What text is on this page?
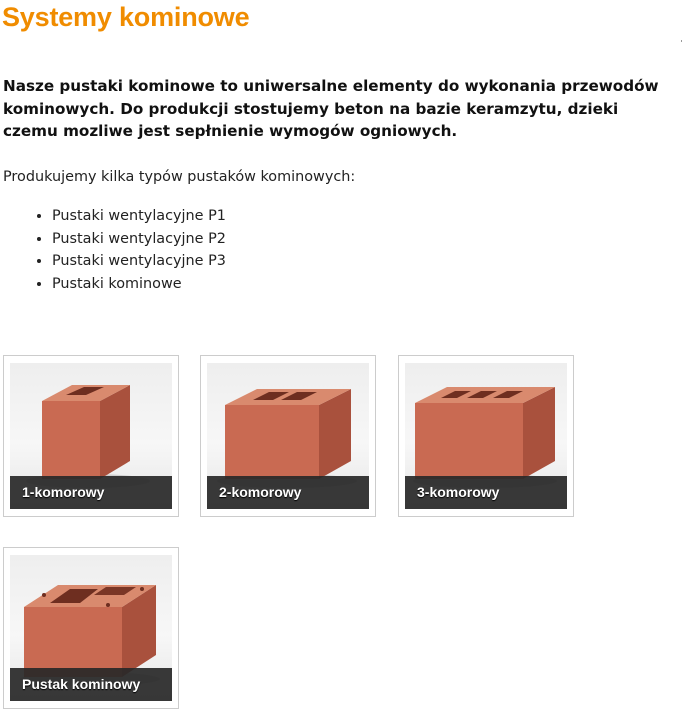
Systemy kominowe

Nasze pustaki kominowe to uniwersalne elementy do wykonania przewodów kominowych. Do produkcji stostujemy beton na bazie keramzytu, dzieki czemu mozliwe jest sepłnienie wymogów ogniowych.

Produkujemy kilka typów pustaków kominowych:

• Pustaki wentylacyjne P1
• Pustaki wentylacyjne P2
• Pustaki wentylacyjne P3
• Pustaki kominowe
1-komorowy	2-komorowy	3-komorowy
Pustak kominowy
